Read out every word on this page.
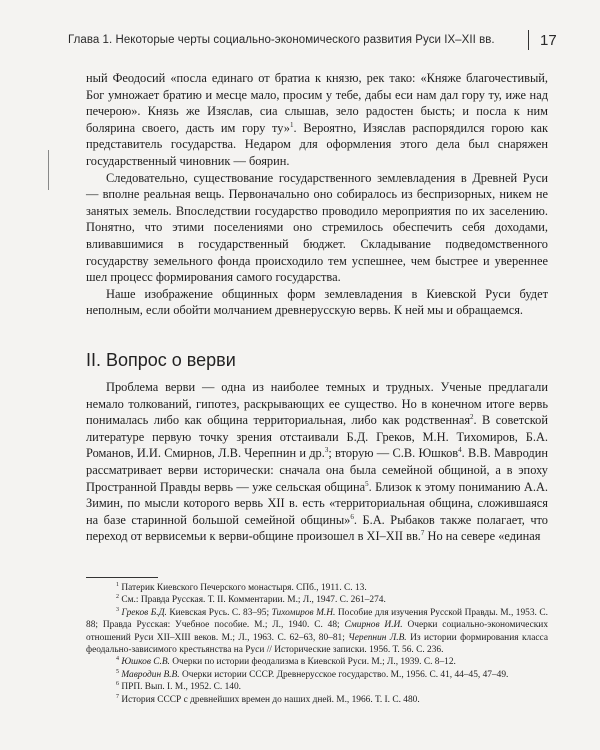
Глава 1. Некоторые черты социально-экономического развития Руси IX–XII вв.	17

ный Феодосий «посла единаго от братиа к князю, рек тако: «Княже благочестивый, Бог умножает братию и месце мало, просим у тебе, дабы еси нам дал гору ту, иже над печерою». Князь же Изяслав, сиа слышав, зело радостен бысть; и посла к ним болярина своего, дасть им гору ту»$^1$. Вероятно, Изяслав распорядился горою как представитель государства. Недаром для оформления этого дела был снаряжен государственный чиновник — боярин.

Следовательно, существование государственного землевладения в Древней Руси — вполне реальная вещь. Первоначально оно собиралось из беспризорных, никем не занятых земель. Впоследствии государство проводило мероприятия по их заселению. Понятно, что этими поселениями оно стремилось обеспечить себя доходами, вливавшимися в государственный бюджет. Складывание подведомственного государству земельного фонда происходило тем успешнее, чем быстрее и увереннее шел процесс формирования самого государства.

Наше изображение общинных форм землевладения в Киевской Руси будет неполным, если обойти молчанием древнерусскую вервь. К ней мы и обращаемся.

II. Вопрос о верви

Проблема верви — одна из наиболее темных и трудных. Ученые предлагали немало толкований, гипотез, раскрывающих ее существо. Но в конечном итоге вервь понималась либо как община территориальная, либо как родственная$^2$. В советской литературе первую точку зрения отстаивали Б.Д. Греков, М.Н. Тихомиров, Б.А. Романов, И.И. Смирнов, Л.В. Черепнин и др.$^3$; вторую — С.В. Юшков$^4$. В.В. Мавродин рассматривает верви исторически: сначала она была семейной общиной, а в эпоху Пространной Правды вервь — уже сельская община$^5$. Близок к этому пониманию А.А. Зимин, по мысли которого вервь XII в. есть «территориальная община, сложившаяся на базе старинной большой семейной общины»$^6$. Б.А. Рыбаков также полагает, что переход от вервисемьи к верви-общине произошел в XI–XII вв.$^7$ Но на севере «единая

$^1$ Патерик Киевского Печерского монастыря. СПб., 1911. С. 13.

$^2$ См.: Правда Русская. Т. II. Комментарии. М.; Л., 1947. С. 261–274.

$^3$ Греков Б.Д. Киевская Русь. С. 83–95; Тихомиров М.Н. Пособие для изучения Русской Правды. М., 1953. С. 88; Правда Русская: Учебное пособие. М.; Л., 1940. С. 48; Смирнов И.И. Очерки социально-экономических отношений Руси XII–XIII веков. М.; Л., 1963. С. 62–63, 80–81; Черепнин Л.В. Из истории формирования класса феодально-зависимого крестьянства на Руси // Исторические записки. 1956. Т. 56. С. 236.

$^4$ Юшков С.В. Очерки по истории феодализма в Киевской Руси. М.; Л., 1939. С. 8–12.

$^5$ Мавродин В.В. Очерки истории СССР. Древнерусское государство. М., 1956. С. 41, 44–45, 47–49.

$^6$ ПРП. Вып. I. М., 1952. С. 140.

$^7$ История СССР с древнейших времен до наших дней. М., 1966. Т. I. С. 480.
